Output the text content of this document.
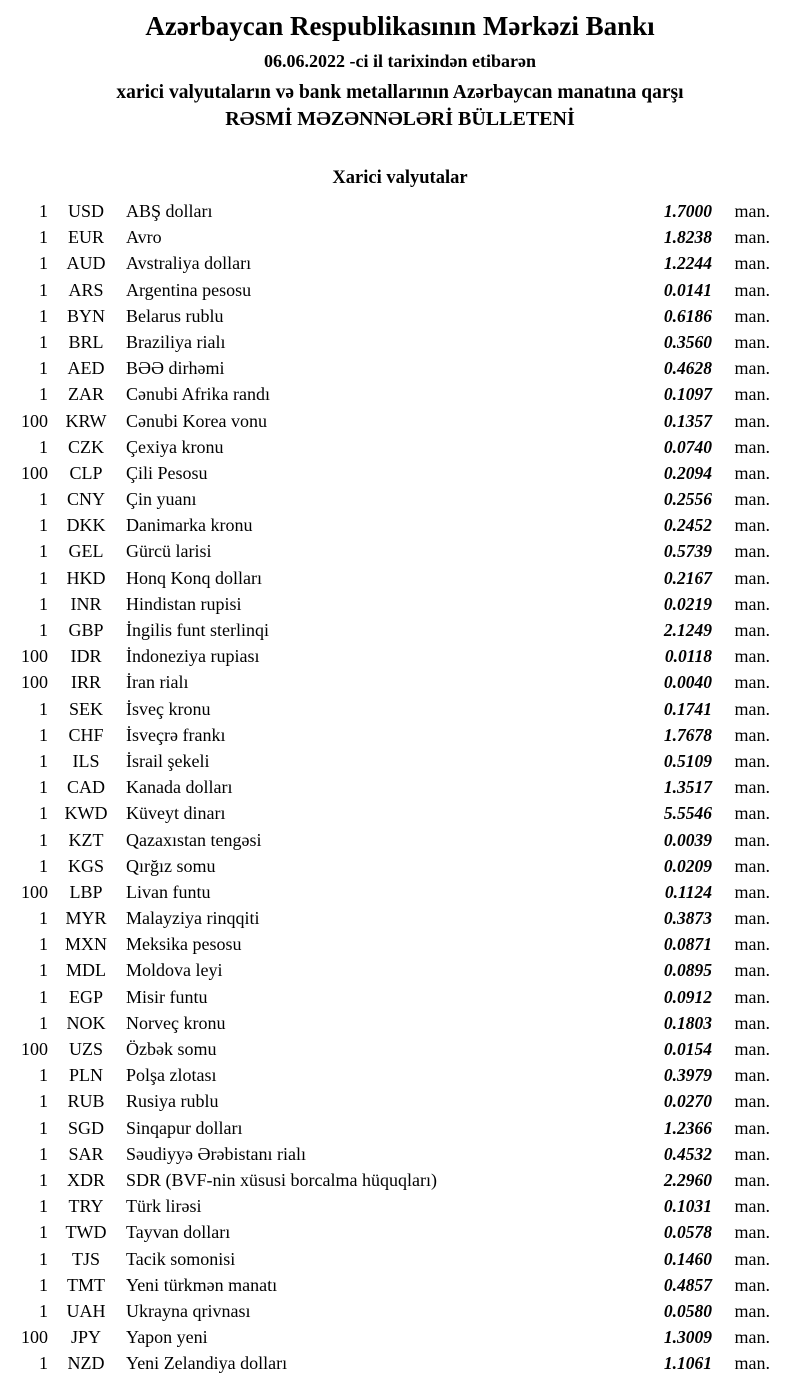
Azərbaycan Respublikasının Mərkəzi Bankı
06.06.2022 -ci il tarixindən etibarən
xarici valyutaların və bank metallarının Azərbaycan manatına qarşı
RƏSMİ MƏZƏNNƏLƏRİ BÜLLETENİ
Xarici valyutalar
1	USD	ABŞ dolları	1.7000	man.
1	EUR	Avro	1.8238	man.
1	AUD	Avstraliya dolları	1.2244	man.
1	ARS	Argentina pesosu	0.0141	man.
1	BYN	Belarus rublu	0.6186	man.
1	BRL	Braziliya rialı	0.3560	man.
1	AED	BƏƏ dirhəmi	0.4628	man.
1	ZAR	Cənubi Afrika randı	0.1097	man.
100 KRW	Cənubi Korea vonu	0.1357	man.
1	CZK	Çexiya kronu	0.0740	man.
100	CLP	Çili Pesosu	0.2094	man.
1	CNY	Çin yuanı	0.2556	man.
1	DKK	Danimarka kronu	0.2452	man.
1	GEL	Gürcü larisi	0.5739	man.
1	HKD	Honq Konq dolları	0.2167	man.
1	INR	Hindistan rupisi	0.0219	man.
1	GBP	İngilis funt sterlinqi	2.1249	man.
100	IDR	İndoneziya rupiası	0.0118	man.
100	IRR	İran rialı	0.0040	man.
1	SEK	İsveç kronu	0.1741	man.
1	CHF	İsveçrə frankı	1.7678	man.
1	ILS	İsrail şekeli	0.5109	man.
1	CAD	Kanada dolları	1.3517	man.
1 KWD	Küveyt dinarı	5.5546	man.
1	KZT	Qazaxıstan tengəsi	0.0039	man.
1	KGS	Qırğız somu	0.0209	man.
100	LBP	Livan funtu	0.1124	man.
1 MYR	Malayziya rinqqiti	0.3873	man.
1 MXN	Meksika pesosu	0.0871	man.
1	MDL	Moldova leyi	0.0895	man.
1	EGP	Misir funtu	0.0912	man.
1	NOK	Norveç kronu	0.1803	man.
100	UZS	Özbək somu	0.0154	man.
1	PLN	Polşa zlotası	0.3979	man.
1	RUB	Rusiya rublu	0.0270	man.
1	SGD	Sinqapur dolları	1.2366	man.
1	SAR	Səudiyyə Ərəbistanı rialı	0.4532	man.
1	XDR	SDR (BVF-nin xüsusi borcalma hüquqları)	2.2960	man.
1	TRY	Türk lirəsi	0.1031	man.
1 TWD	Tayvan dolları	0.0578	man.
1	TJS	Tacik somonisi	0.1460	man.
1	TMT	Yeni türkmən manatı	0.4857	man.
1	UAH	Ukrayna qrivnası	0.0580	man.
100	JPY	Yapon yeni	1.3009	man.
1	NZD	Yeni Zelandiya dolları	1.1061	man.
